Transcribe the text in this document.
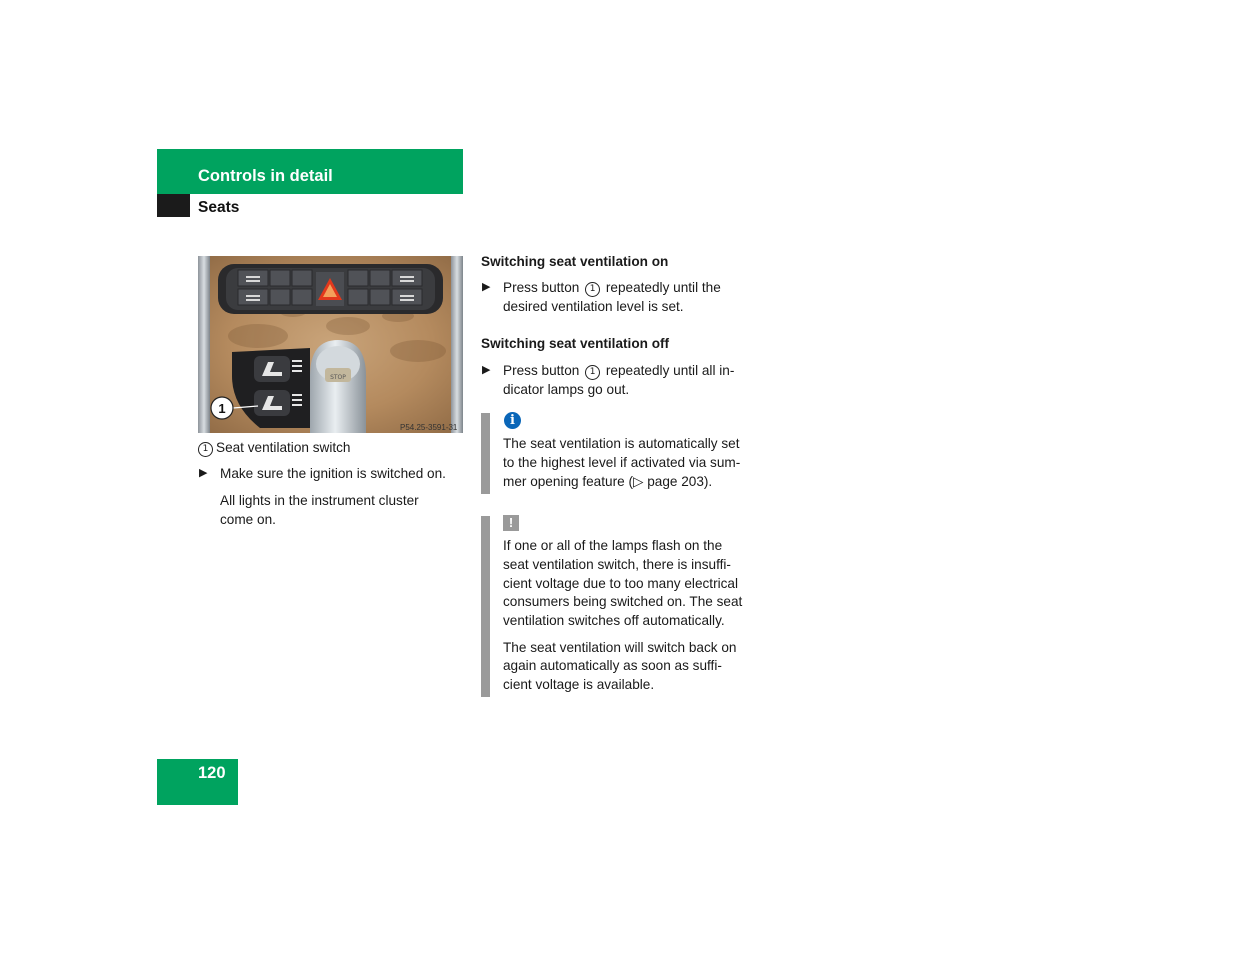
Controls in detail
Seats
STOP
1
P54.25-3591-31
1 Seat ventilation switch
▶ Make sure the ignition is switched on.
All lights in the instrument cluster
come on.
Switching seat ventilation on
▶ Press button 1 repeatedly until the
desired ventilation level is set.
Switching seat ventilation off
▶ Press button 1 repeatedly until all in-
dicator lamps go out.
i
The seat ventilation is automatically set
to the highest level if activated via sum-
mer opening feature (▷ page 203).
!
If one or all of the lamps flash on the
seat ventilation switch, there is insuffi-
cient voltage due to too many electrical
consumers being switched on. The seat
ventilation switches off automatically.
The seat ventilation will switch back on
again automatically as soon as suffi-
cient voltage is available.
120
